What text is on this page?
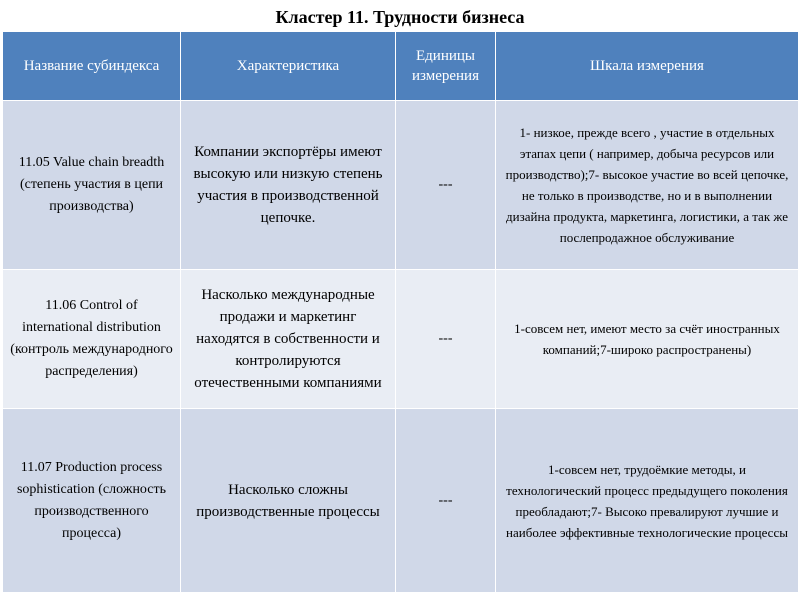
Кластер 11. Трудности бизнеса
Название субиндекса	Характеристика	Единицы измерения	Шкала измерения
11.05 Value chain breadth (степень участия в цепи производства)	Компании экспортёры имеют высокую или низкую степень участия в производственной цепочке.	---	1- низкое, прежде всего , участие в отдельных этапах цепи ( например, добыча ресурсов или производство);7- высокое участие во всей цепочке, не только в производстве, но и в выполнении дизайна продукта, маркетинга, логистики, а так же послепродажное обслуживание
11.06 Control of international distribution (контроль международного распределения)	Насколько международные продажи и маркетинг находятся в собственности и контролируются отечественными компаниями	---	1-совсем нет, имеют место за счёт иностранных компаний;7-широко распространены)
11.07 Production process sophistication (сложность производственного процесса)	Насколько сложны производственные процессы	---	1-совсем нет, трудоёмкие методы, и технологический процесс предыдущего поколения преобладают;7- Высоко превалируют лучшие и наиболее эффективные технологические процессы
